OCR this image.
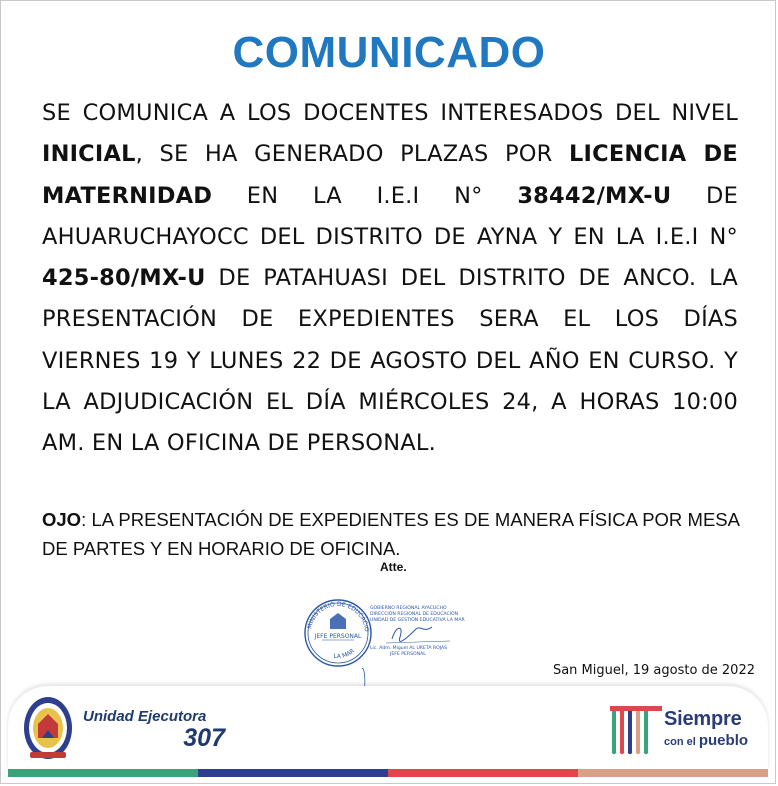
COMUNICADO
SE COMUNICA A LOS DOCENTES INTERESADOS DEL NIVEL INICIAL, SE HA GENERADO PLAZAS POR LICENCIA DE MATERNIDAD EN LA I.E.I N° 38442/MX-U DE AHUARUCHAYOCC DEL DISTRITO DE AYNA Y EN LA I.E.I N° 425-80/MX-U DE PATAHUASI DEL DISTRITO DE ANCO. LA PRESENTACIÓN DE EXPEDIENTES SERA EL LOS DÍAS VIERNES 19 Y LUNES 22 DE AGOSTO DEL AÑO EN CURSO. Y LA ADJUDICACIÓN EL DÍA MIÉRCOLES 24, A HORAS 10:00 AM. EN LA OFICINA DE PERSONAL.
OJO: LA PRESENTACIÓN DE EXPEDIENTES ES DE MANERA FÍSICA POR MESA DE PARTES Y EN HORARIO DE OFICINA.
Atte.
MINISTERIO DE EDUCACIÓ
LA MAR
JEFE PERSONAL
GOBIERNO REGIONAL AYACUCHO
DIRECCIÓN REGIONAL DE EDUCACIÓN
UNIDAD DE GESTIÓN EDUCATIVA LA MAR
Lic. Adm. Miguel AL URETA ROJAS
JEFE PERSONAL
San Miguel, 19 agosto de 2022
Unidad Ejecutora
307
Siempre
con el pueblo
